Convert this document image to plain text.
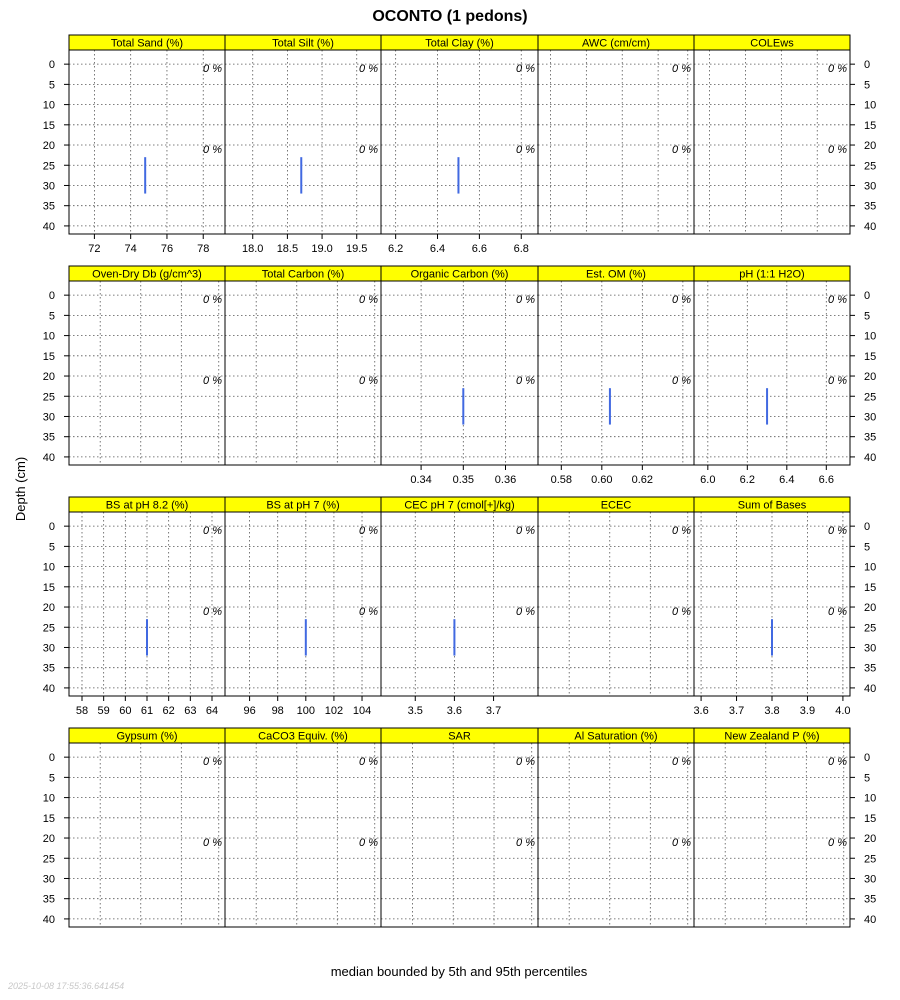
OCONTO (1 pedons)
Total Sand (%)
0 %
0 %
72 74 76 78
Total Silt (%)
0 %
0 %
18.0 18.5 19.0 19.5
Total Clay (%)
0 %
0 %
6.2 6.4 6.6 6.8
AWC (cm/cm)
0 %
0 %
COLEws
0 %
0 %
Oven-Dry Db (g/cm^3)
0 %
0 %
Total Carbon (%)
0 %
0 %
Organic Carbon (%)
0 %
0 %
0.34 0.35 0.36
Est. OM (%)
0 %
0 %
0.58 0.60 0.62
pH (1:1 H2O)
0 %
0 %
6.0 6.2 6.4 6.6
BS at pH 8.2 (%)
0 %
0 %
58 59 60 61 62 63 64
BS at pH 7 (%)
0 %
0 %
96 98 100 102 104
CEC pH 7 (cmol[+]/kg)
0 %
0 %
3.5 3.6 3.7
ECEC
0 %
0 %
Sum of Bases
0 %
0 %
3.6 3.7 3.8 3.9 4.0
Gypsum (%)
0 %
0 %
CaCO3 Equiv. (%)
0 %
0 %
SAR
0 %
0 %
Al Saturation (%)
0 %
0 %
New Zealand P (%)
0 %
0 %
0	0
5	5
10	10
15	15
20	20
25	25
30	30
35	35
40	40
0	0
5	5
10	10
15	15
20	20
25	25
30	30
35	35
40	40
0	0
5	5
10	10
15	15
20	20
25	25
30	30
35	35
40	40
0	0
5	5
10	10
15	15
20	20
25	25
30	30
35	35
40	40
Depth (cm)
median bounded by 5th and 95th percentiles
2025-10-08 17:55:36.641454
